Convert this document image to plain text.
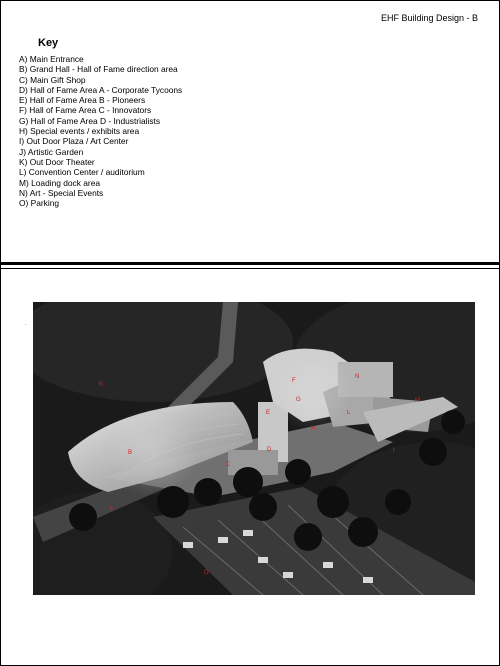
EHF Building Design - B
Key
A) Main Entrance
B) Grand Hall - Hall of Fame direction area
C) Main Gift Shop
D) Hall of Fame Area A - Corporate Tycoons
E) Hall of Fame Area B - Pioneers
F) Hall of Fame Area C - Innovators
G) Hall of Fame Area D - Industrialists
H) Special events / exhibits area
I) Out Door Plaza / Art Center
J) Artistic Garden
K) Out Door Theater
L) Convention Center / auditorium
M) Loading dock area
N) Art - Special Events
O) Parking
.
K
B
A
C
D
E
F
G
H
N
L
M
I
O
